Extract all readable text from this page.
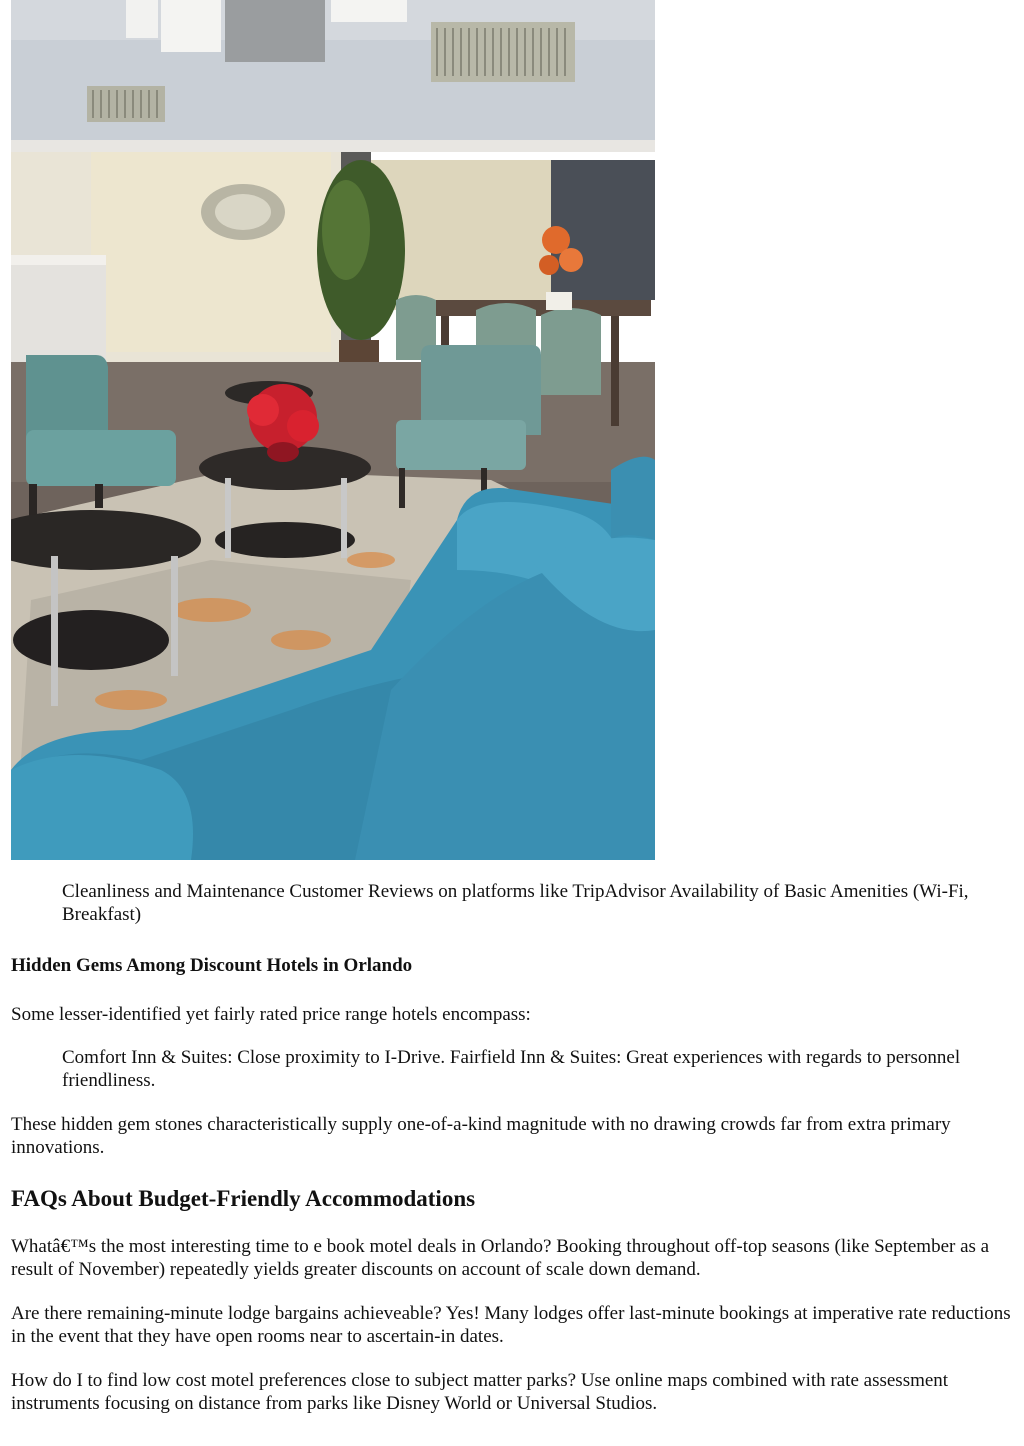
Cleanliness and Maintenance Customer Reviews on platforms like TripAdvisor Availability of Basic Amenities (Wi-Fi, Breakfast)
Hidden Gems Among Discount Hotels in Orlando
Some lesser-identified yet fairly rated price range hotels encompass:
Comfort Inn & Suites: Close proximity to I-Drive. Fairfield Inn & Suites: Great experiences with regards to personnel friendliness.
These hidden gem stones characteristically supply one-of-a-kind magnitude with no drawing crowds far from extra primary innovations.
FAQs About Budget-Friendly Accommodations
Whatâ€™s the most interesting time to e book motel deals in Orlando? Booking throughout off-top seasons (like September as a result of November) repeatedly yields greater discounts on account of scale down demand.
Are there remaining-minute lodge bargains achieveable? Yes! Many lodges offer last-minute bookings at imperative rate reductions in the event that they have open rooms near to ascertain-in dates.
How do I to find low cost motel preferences close to subject matter parks? Use online maps combined with rate assessment instruments focusing on distance from parks like Disney World or Universal Studios.
